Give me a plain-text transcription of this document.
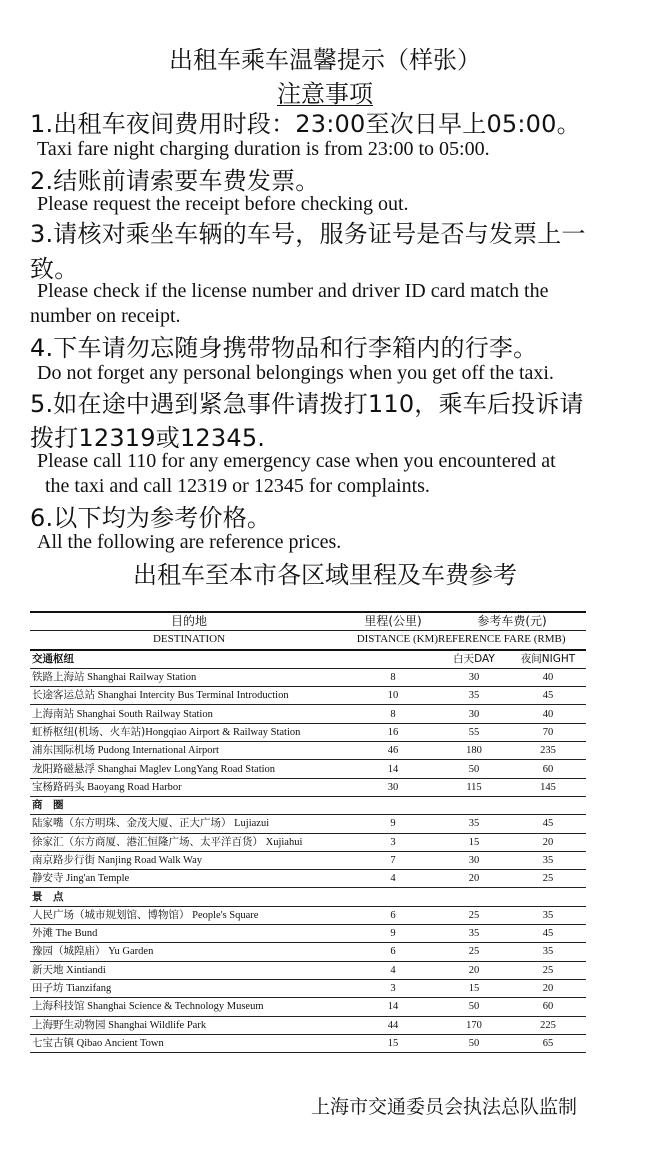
出租车乘车温馨提示（样张）
注意事项
1.出租车夜间费用时段：23:00至次日早上05:00。
Taxi fare night charging duration is from 23:00 to 05:00.
2.结账前请索要车费发票。
Please request the receipt before checking out.
3.请核对乘坐车辆的车号，服务证号是否与发票上一
致。
Please check if the license number and driver ID card match the
number on receipt.
4.下车请勿忘随身携带物品和行李箱内的行李。
Do not forget any personal belongings when you get off the taxi.
5.如在途中遇到紧急事件请拨打110，乘车后投诉请
拨打12319或12345.
Please call 110 for any emergency case when you encountered at
the taxi and call 12319 or 12345 for complaints.
6.以下均为参考价格。
All the following are reference prices.
出租车至本市各区域里程及车费参考
目的地	里程(公里)	参考车费(元)	
DESTINATION	DISTANCE (KM)	REFERENCE FARE (RMB)	
交通枢纽		白天DAY	夜间NIGHT
铁路上海站 Shanghai Railway Station	8	30	40
长途客运总站 Shanghai Intercity Bus Terminal Introduction	10	35	45
上海南站 Shanghai South Railway Station	8	30	40
虹桥枢纽(机场、火车站)Hongqiao Airport & Railway Station	16	55	70
浦东国际机场 Pudong International Airport	46	180	235
龙阳路磁悬浮 Shanghai Maglev LongYang Road Station	14	50	60
宝杨路码头 Baoyang Road Harbor	30	115	145
商　圈			
陆家嘴（东方明珠、金茂大厦、正大广场） Lujiazui	9	35	45
徐家汇（东方商厦、港汇恒隆广场、太平洋百货） Xujiahui	3	15	20
南京路步行街 Nanjing Road Walk Way	7	30	35
静安寺 Jing'an Temple	4	20	25
景　点			
人民广场（城市规划馆、博物馆） People's Square	6	25	35
外滩 The Bund	9	35	45
豫园（城隍庙） Yu Garden	6	25	35
新天地 Xintiandi	4	20	25
田子坊 Tianzifang	3	15	20
上海科技馆 Shanghai Science & Technology Museum	14	50	60
上海野生动物园 Shanghai Wildlife Park	44	170	225
七宝古镇 Qibao Ancient Town	15	50	65
上海市交通委员会执法总队监制
